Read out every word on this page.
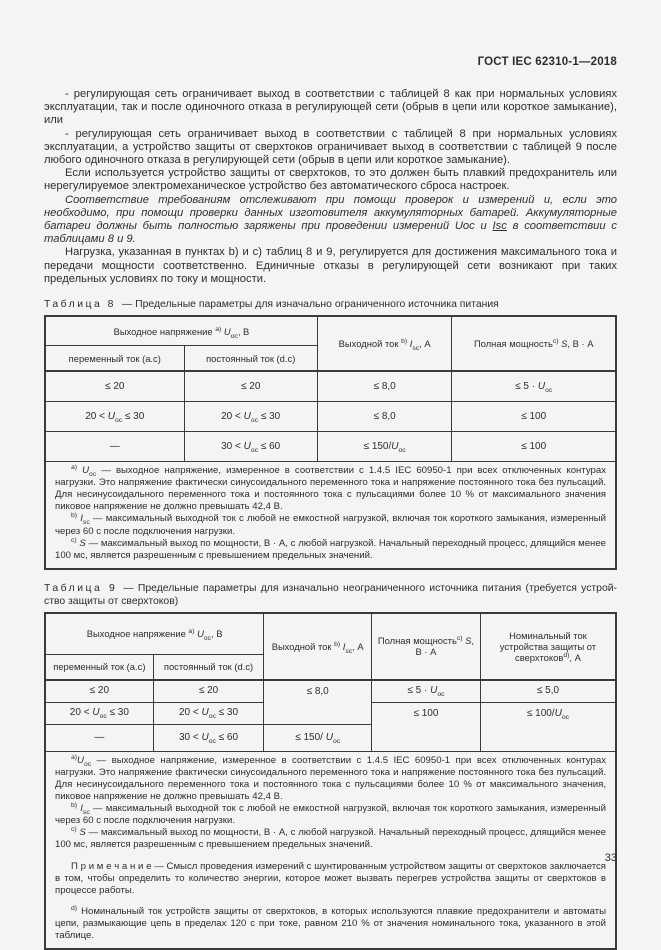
ГОСТ IEC 62310-1—2018

- регулирующая сеть ограничивает выход в соответствии с таблицей 8 как при нормальных условиях эксплуатации, так и после одиночного отказа в регулирующей сети (обрыв в цепи или короткое замыкание), или

- регулирующая сеть ограничивает выход в соответствии с таблицей 8 при нормальных условиях эксплуатации, а устройство защиты от сверхтоков ограничивает выход в соответствии с таблицей 9 после любого одиночного отказа в регулирующей сети (обрыв в цепи или короткое замыкание).

Если используется устройство защиты от сверхтоков, то это должен быть плавкий предохранитель или нерегулируемое электромеханическое устройство без автоматического сброса настроек.

Соответствие требованиям отслеживают при помощи проверок и измерений и, если это необходимо, при помощи проверки данных изготовителя аккумуляторных батарей. Аккумуляторные батареи должны быть полностью заряжены при проведении измерений Uoc и Isc в соответствии с таблицами 8 и 9.

Нагрузка, указанная в пунктах b) и c) таблиц 8 и 9, регулируется для достижения максимального тока и передачи мощности соответственно. Единичные отказы в регулирующей сети возникают при таких предельных условиях по току и мощности.

Таблица 8 — Предельные параметры для изначально ограниченного источника питания

Выходное напряжение $^{a)}$ $U_{oc}$, В		Выходной ток $^{b)}$ $I_{sc}$, А	Полная мощность$^{c)}$ S, В · А
переменный ток (a.c)	постоянный ток (d.c)		
≤ 20	≤ 20	≤ 8,0	≤ $5 \cdot U_{oc}$
$20 < U_{oc} \le 30$	$20 < U_{oc} \le 30$	≤ 8,0	≤ 100
—	$30 < U_{oc} \le 60$	≤ $150/U_{oc}$	≤ 100

$^{a)}$ $U_{oc}$ — выходное напряжение, измеренное в соответствии с 1.4.5 IEC 60950-1 при всех отключенных контурах нагрузки. Это напряжение фактически синусоидального переменного тока и напряжение постоянного тока без пульсаций. Для несинусоидального переменного тока и постоянного тока с пульсациями более 10 % от максимального значения пиковое напряжение не должно превышать 42,4 В.

$^{b)}$ $I_{sc}$ — максимальный выходной ток с любой не емкостной нагрузкой, включая ток короткого замыкания, измеренный через 60 с после подключения нагрузки.

$^{c)}$ S — максимальный выход по мощности, В · А, с любой нагрузкой. Начальный переходный процесс, длящийся менее 100 мс, является разрешенным с превышением предельных значений.			

Таблица 9 — Предельные параметры для изначально неограниченного источника питания (требуется устройство защиты от сверхтоков)

Выходное напряжение $^{a)}$ $U_{oc}$, В		Выходной ток $^{b)}$ $I_{sc}$, А	Полная мощность$^{c)}$ S, В · А	Номинальный ток устройства защиты от сверхтоков$^{d)}$, А
переменный ток (a.c)	постоянный ток (d.c)			
≤ 20	≤ 20	≤ 8,0	≤ $5 \cdot U_{oc}$	≤ 5,0
$20 < U_{oc} \le 30$	$20 < U_{oc} \le 30$		≤ 100	≤ $100/U_{oc}$
—	$30 < U_{oc} \le 60$	≤ 150/ $U_{oc}$

$^{a)}U_{oc}$ — выходное напряжение, измеренное в соответствии с 1.4.5 IEC 60950-1 при всех отключенных контурах нагрузки. Это напряжение фактически синусоидального переменного тока и напряжение постоянного тока без пульсаций. Для несинусоидального переменного тока и постоянного тока с пульсациями более 10 % от максимального значения, пиковое напряжение не должно превышать 42,4 В.

$^{b)}$ $I_{sc}$ — максимальный выходной ток с любой не емкостной нагрузкой, включая ток короткого замыкания, измеренный через 60 с после подключения нагрузки.

$^{c)}$ S — максимальный выход по мощности, В · А, с любой нагрузкой. Начальный переходный процесс, длящийся менее 100 мс, является разрешенным с превышением предельных значений.

П р и м е ч а н и е — Смысл проведения измерений с шунтированным устройством защиты от сверхтоков заключается в том, чтобы определить то количество энергии, которое может вызвать перегрев устройства защиты от сверхтоков в процессе работы.

$^{d)}$ Номинальный ток устройств защиты от сверхтоков, в которых используются плавкие предохранители и автоматы цепи, размыкающие цепь в пределах 120 с при токе, равном 210 % от значения номинального тока, указанного в этой таблице.				

33
